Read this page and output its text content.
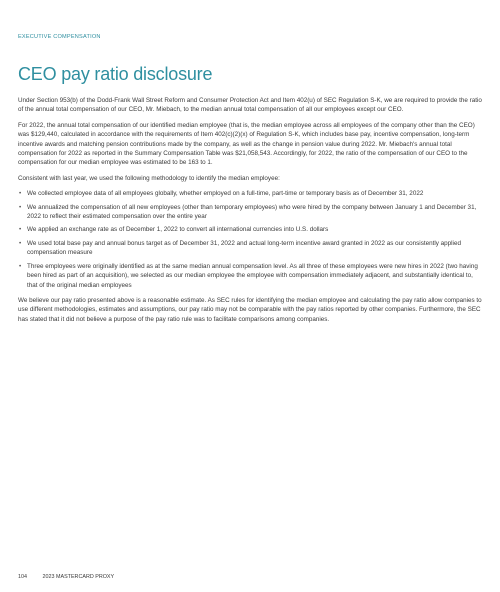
EXECUTIVE COMPENSATION
CEO pay ratio disclosure

Under Section 953(b) of the Dodd-Frank Wall Street Reform and Consumer Protection Act and Item 402(u) of SEC Regulation S-K, we are required to provide the ratio of the annual total compensation of our CEO, Mr. Miebach, to the median annual total compensation of all our employees except our CEO.

For 2022, the annual total compensation of our identified median employee (that is, the median employee across all employees of the company other than the CEO) was $129,440, calculated in accordance with the requirements of Item 402(c)(2)(x) of Regulation S-K, which includes base pay, incentive compensation, long-term incentive awards and matching pension contributions made by the company, as well as the change in pension value during 2022. Mr. Miebach's annual total compensation for 2022 as reported in the Summary Compensation Table was $21,058,543. Accordingly, for 2022, the ratio of the compensation of our CEO to the compensation for our median employee was estimated to be 163 to 1.

Consistent with last year, we used the following methodology to identify the median employee:

• We collected employee data of all employees globally, whether employed on a full-time, part-time or temporary basis as of December 31, 2022
• We annualized the compensation of all new employees (other than temporary employees) who were hired by the company between January 1 and December 31, 2022 to reflect their estimated compensation over the entire year
• We applied an exchange rate as of December 1, 2022 to convert all international currencies into U.S. dollars
• We used total base pay and annual bonus target as of December 31, 2022 and actual long-term incentive award granted in 2022 as our consistently applied compensation measure
• Three employees were originally identified as at the same median annual compensation level. As all three of these employees were new hires in 2022 (two having been hired as part of an acquisition), we selected as our median employee the employee with compensation immediately adjacent, and substantially identical to, that of the original median employees

We believe our pay ratio presented above is a reasonable estimate. As SEC rules for identifying the median employee and calculating the pay ratio allow companies to use different methodologies, estimates and assumptions, our pay ratio may not be comparable with the pay ratios reported by other companies. Furthermore, the SEC has stated that it did not believe a purpose of the pay ratio rule was to facilitate comparisons among companies.

104	2023 MASTERCARD PROXY
